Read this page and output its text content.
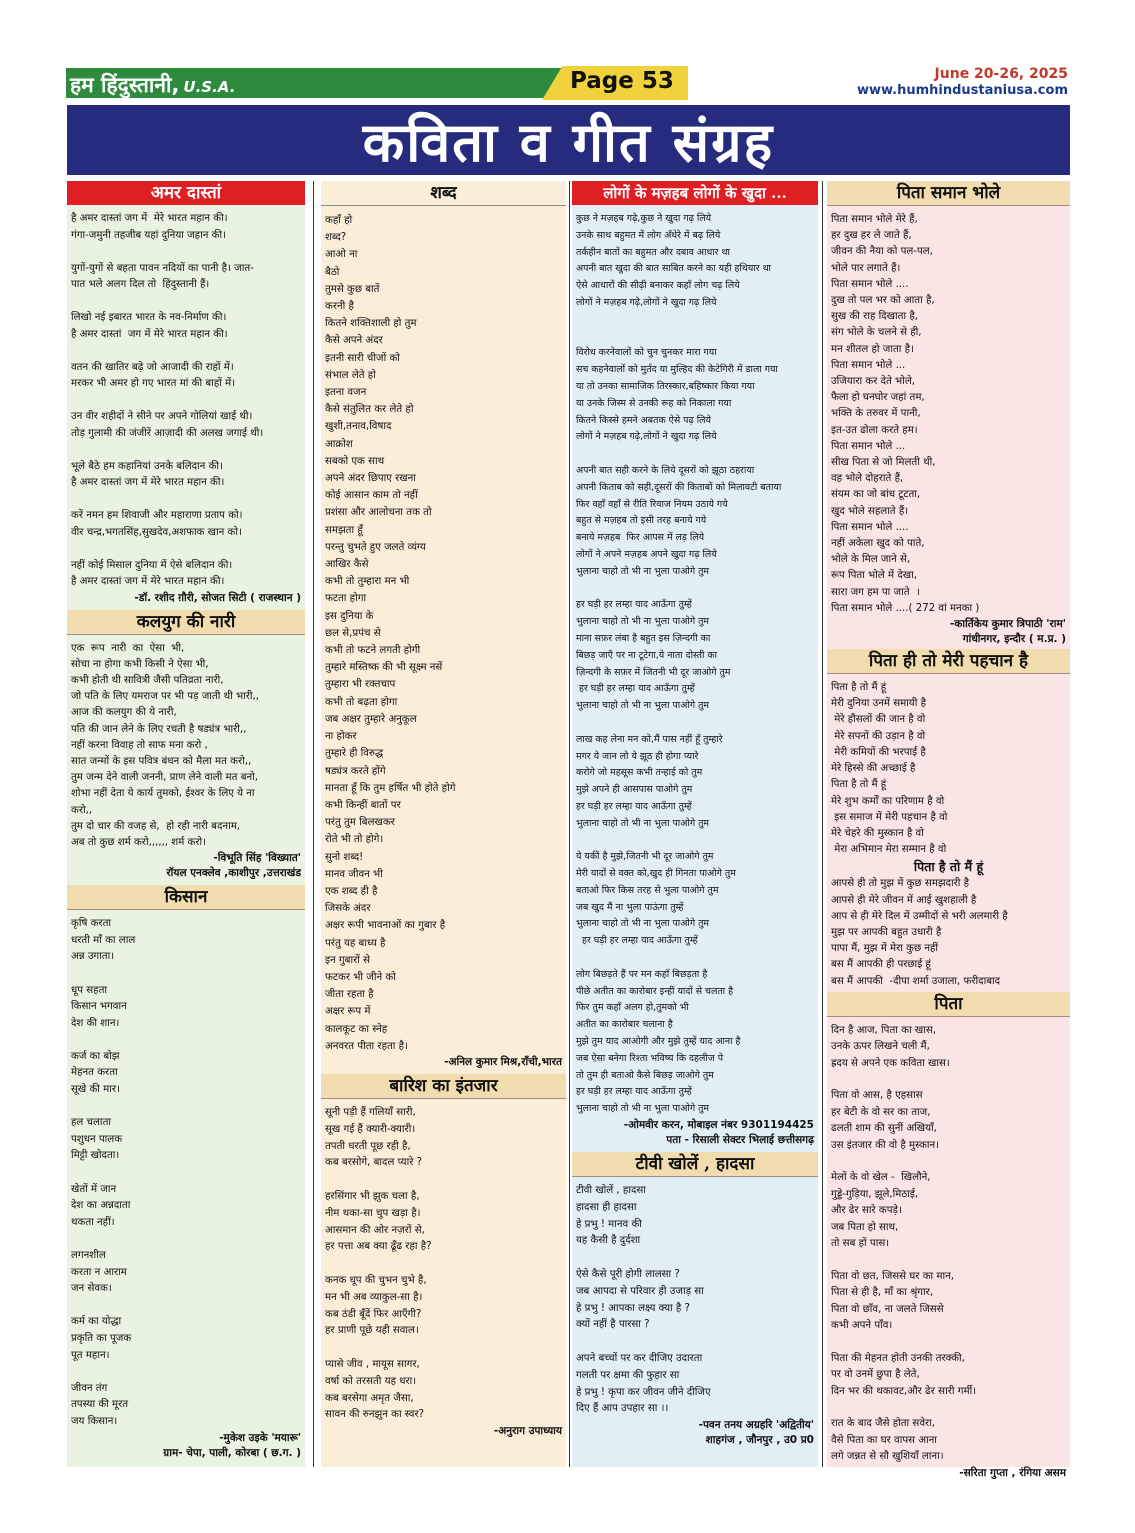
हम हिंदुस्तानी, U.S.A.	Page 53	June 20-26, 2025
www.humhindustaniusa.com
कविता व गीत संग्रह
अमर दास्तां
है अमर दास्तां जग में  मेरे भारत महान की।
गंगा-जमुनी तहजीब यहां दुनिया जहान की।

युगों-युगों से बहता पावन नदियों का पानी है। जात-
पात भले अलग दिल तो  हिंदुस्तानी हैं।

लिखो नई इबारत भारत के नव-निर्माण की।
है अमर दास्तां  जग में मेरे भारत महान की।

वतन की खातिर बढ़े जो आजादी की राहों में।
मरकर भी अमर हो गए भारत मां की बाहों में।

उन वीर शहीदों ने सीने पर अपने गोलियां खाई थी।
तोड़ गुलामी की जंजीरें आज़ादी की अलख जगाई थी।

भूले बैठे हम कहानियां उनके बलिदान की।
है अमर दास्तां जग में मेरे भारत महान की।

करें नमन हम शिवाजी और महाराणा प्रताप को।
वीर चन्द्र,भगतसिंह,सुखदेव,अशफाक खान को।

नहीं कोई मिसाल दुनिया में ऐसे बलिदान की।
है अमर दास्तां जग में मेरे भारत महान की।
-डॉ. रशीद ग़ौरी, सोजत सिटी ( राजस्थान )
कलयुग की नारी
एक  रूप  नारी  का  ऐसा  भी,
सोचा ना होगा कभी किसी ने ऐसा भी,
कभी होती थी सावित्री जैसी पतिव्रता नारी,
जो पति के लिए यमराज पर भी पड़ जाती थी भारी,,
आज की कलयुग की ये नारी,
पति की जान लेने के लिए रचती है षड्यंत्र भारी,,
नहीं करना विवाह तो साफ मना करो ,
सात जन्मों के इस पवित्र बंधन को मैला मत करो,,
तुम जन्म देने वाली जननी, प्राण लेने वाली मत बनो,
शोभा नहीं देता ये कार्य तुमको, ईश्वर के लिए ये ना
करो,,
तुम दो चार की वजह से,  हो रही नारी बदनाम,
अब तो कुछ शर्म करो,,,,,, शर्म करो।
-विभूति सिंह 'विख्यात'
रॉयल एनक्लेव ,काशीपुर ,उत्तराखंड
किसान
कृषि करता
धरती माँ का लाल
अन्न उगाता।

धूप सहता
किसान भगवान
देश की शान।

कर्ज का बोझ
मेहनत करता
सूखे की मार।

हल चलाता
पशुधन पालक
मिट्टी खोदता।

खेतों में जान
देश का अन्नदाता
थकता नहीं।

लगनशील
करता न आराम
जन सेवक।

कर्म का योद्धा
प्रकृति का पूजक
पूत महान।

जीवन तंग
तपस्या की मूरत
जय किसान।
-मुकेश उइके 'मयारू'
ग्राम- चेपा, पाली, कोरबा ( छ.ग. )
शब्द
कहाँ हो
शब्द?
आओ ना
बैठो
तुमसे कुछ बातें
करनी है
कितने शक्तिशाली हो तुम
कैसे अपने अंदर
इतनी सारी चीजों को
संभाल लेते हो
इतना वजन
कैसे संतुलित कर लेते हो
खुशी,तनाव,विषाद
आक्रोश
सबको एक साथ
अपने अंदर छिपाए रखना
कोई आसान काम तो नहीं
प्रशंसा और आलोचना तक तो
समझता हूँ
परन्तु चुभते हुए जलते व्यंग्य
आखिर कैसे
कभी तो तुम्हारा मन भी
फटता होगा
इस दुनिया के
छल से,प्रपंच से
कभी तो फटने लगती होगी
तुम्हारे मस्तिष्क की भी सूक्ष्म नसें
तुम्हारा भी रक्तचाप
कभी तो बढ़ता होगा
जब अक्षर तुम्हारे अनुकूल
ना होकर
तुम्हारे ही विरुद्ध
षड्यंत्र करते होंगे
मानता हूँ कि तुम हर्षित भी होते होगे
कभी किन्हीं बातों पर
परंतु तुम बिलखकर
रोते भी तो होगे।
सुनो शब्द!
मानव जीवन भी
एक शब्द ही है
जिसके अंदर
अक्षर रूपी भावनाओं का गुबार है
परंतु यह बाध्य है
इन गुबारों से
फटकर भी जीने को
जीता रहता है
अक्षर रूप में
कालकूट का स्नेह
अनवरत पीता रहता है।
-अनिल कुमार मिश्र,राँची,भारत
बारिश का इंतजार
सूनी पड़ी हैं गलियाँ सारी,
सूख गई हैं क्यारी-क्यारी।
तपती धरती पूछ रही है,
कब बरसोगे, बादल प्यारे ?

हरसिंगार भी झुक चला है,
नीम थका-सा चुप खड़ा है।
आसमान की ओर नज़रों से,
हर पत्ता अब क्या ढूँढ रहा है?

कनक धूप की चुभन चुभे है,
मन भी अब व्याकुल-सा है।
कब ठंडी बूँदें फिर आएँगी?
हर प्राणी पूछे यही सवाल।

प्यासे जीव , मायूस सागर,
वर्षा को तरसती यह धरा।
कब बरसेगा अमृत जैसा,
सावन की रुनझुन का स्वर?
-अनुराग उपाध्याय
लोगों के मज़हब लोगों के खुदा ...
कुछ ने मज़हब गढ़े,कुछ ने खुदा गढ़ लिये
उनके साथ बहुमत में लोग अँधेरे में बढ़ लिये
तर्कहीन बातों का बहुमत और दबाव आधार था
अपनी बात खुदा की बात साबित करने का यही हथियार था
ऐसे आधारों की सीढ़ी बनाकर कहाँ लोग चढ़ लिये
लोगों ने मज़हब गढ़े,लोगों ने खुदा गढ़ लिये

विरोध करनेवालों को चुन चुनकर मारा गया
सच कहनेवालों को मुर्तद या मुल्हिद की केटेगिरी में डाला गया
या तो उनका सामाजिक तिरस्कार,बहिष्कार किया गया
या उनके जिस्म से उनकी रूह को निकाला गया
कितने किस्से हमने अबतक ऐसे पढ़ लिये
लोगों ने मज़हब गढ़े,लोगों ने खुदा गढ़ लिये

अपनी बात सही करने के लिये दूसरों को झूठा ठहराया
अपनी किताब को सही,दूसरों की किताबों को मिलावटी बताया
फिर वहाँ वहाँ से रीति रिवाज नियम उठाये गये
बहुत से मज़हब तो इसी तरह बनाये गये
बनाये मज़हब  फिर आपस में लड़ लिये
लोगों ने अपने मज़हब अपने खुदा गढ़ लिये
भुलाना चाहो तो भी ना भुला पाओगे तुम

हर घड़ी हर लम्हा याद आऊँगा तुम्हें
भुलाना चाहो तो भी ना भुला पाओगे तुम
माना सफ़र लंबा है बहुत इस ज़िन्दगी का
बिछड़ जाएँ पर ना टूटेगा,ये नाता दोस्ती का
ज़िन्दगी के सफ़र में जितनी भी दूर जाओगे तुम
हर घड़ी हर लम्हा याद आऊँगा तुम्हें
भुलाना चाहो तो भी ना भुला पाओगे तुम

लाख कह लेना मन को,मैं पास नहीं हूँ तुम्हारे
मगर ये जान लो ये झूठ ही होगा प्यारे
करोगे जो महसूस कभी तन्हाई को तुम
मुझे अपने ही आसपास पाओगे तुम
हर घड़ी हर लम्हा याद आऊँगा तुम्हें
भुलाना चाहो तो भी ना भुला पाओगे तुम

ये यकीं है मुझे,जितनी भी दूर जाओगे तुम
मेरी यादों से वक्त को,खुद ही गिनता पाओगे तुम
बताओ फिर किस तरह से भुला पाओगे तुम
जब खुद मैं ना भुला पाऊंगा तुम्हें
भुलाना चाहो तो भी ना भुला पाओगे तुम
हर घड़ी हर लम्हा याद आऊँगा तुम्हें

लोग बिछड़ते हैं पर मन कहाँ बिछड़ता है
पीछे अतीत का कारोबार इन्हीं यादों से चलता है
फिर तुम कहाँ अलग हो,तुमको भी
अतीत का कारोबार चलाना है
मुझे तुम याद आओगी और मुझे तुम्हें याद आना है
जब ऐसा बनेगा रिश्ता भविष्य कि दहलीज पे
तो तुम ही बताओ कैसे बिछड़ जाओगे तुम
हर घड़ी हर लम्हा याद आऊँगा तुम्हें
भुलाना चाहो तो भी ना भुला पाओगे तुम
-ओमवीर करन, मोबाइल नंबर 9301194425
पता - रिसाली सेक्टर भिलाई छत्तीसगढ़
टीवी खोलें , हादसा
टीवी खोलें , हादसा
हादसा ही हादसा
हे प्रभु ! मानव की
यह कैसी है दुर्दशा

ऐसे कैसे पूरी होगी लालसा ?
जब आपदा से परिवार ही उजाड़ सा
हे प्रभु ! आपका लक्ष्य क्या है ?
क्यों नहीं है पारसा ?

अपने बच्चों पर कर दीजिए उदारता
गलती पर क्षमा की फुहार सा
हे प्रभु ! कृपा कर जीवन जीने दीजिए
दिए हैं आप उपहार सा ।।
-पवन तनय अग्रहरि 'अद्वितीय'
शाहगंज , जौनपुर , उ0 प्र0
पिता समान भोले
पिता समान भोले मेरे हैं,
हर दुख हर ले जाते हैं,
जीवन की नैया को पल-पल,
भोले पार लगाते हैं।
पिता समान भोले ....
दुख तो पल भर को आता है,
सुख की राह दिखाता है,
संग भोले के चलने से ही,
मन शीतल हो जाता है।
पिता समान भोले ...
उजियारा कर देते भोले,
फैला हो घनघोर जहां तम,
भक्ति के तरुवर में पानी,
इत-उत ढोला करते हम।
पिता समान भोले ...
सीख पिता से जो मिलती थी,
वह भोले दोहराते हैं,
संयम का जो बांध टूटता,
खुद भोले सहलाते हैं।
पिता समान भोले ....
नहीं अकेला खुद को पाते,
भोले के मिल जाने से,
रूप पिता भोले में देखा,
सारा जग हम पा जाते  ।
पिता समान भोले ....( 272 वां मनका )
-कार्तिकेय कुमार त्रिपाठी 'राम'
गांधीनगर, इन्दौर ( म.प्र. )
पिता ही तो मेरी पहचान है
पिता है तो मैं हूं
मेरी दुनिया उनमें समायी है
मेरे हौसलों की जान है वो
मेरे सपनों की उड़ान है वो
मेरी कमियों की भरपाई है
मेरे हिस्से की अच्छाई है
पिता है तो मैं हूं
मेरे शुभ कर्मों का परिणाम है वो
इस समाज में मेरी पहचान है वो
मेरे चेहरे की मुस्कान है वो
मेरा अभिमान मेरा सम्मान है वो
पिता है तो मैं हूं
आपसे ही तो मुझ में कुछ समझदारी है
आपसे ही मेरे जीवन में आई खुशहाली है
आप से ही मेरे दिल में उम्मीदों से भरी अलमारी है
मुझ पर आपकी बहुत उधारी है
पापा मैं, मुझ में मेरा कुछ नहीं
बस मैं आपकी ही परछाई हूं
बस मैं आपकी  -दीपा शर्मा उजाला, फरीदाबाद
पिता
दिन है आज, पिता का खास,
उनके ऊपर लिखने चली मैं,
ह्रदय से अपने एक कविता खास।

पिता वो आस, है एहसास
हर बेटी के वो सर का ताज,
ढलती शाम की सुनीं अखियाँ,
उस इंतजार की वो है मुस्कान।

मेलों के वो खेल -  खिलौने,
गुड्डे-गुड़िया, झूले,मिठाई,
और ढेर सारे कपड़े।
जब पिता हो साथ,
तो सब हों पास।

पिता वो छत, जिससे घर का मान,
पिता से ही है, माँ का श्रृंगार,
पिता वो छाँव, ना जलते जिससे
कभी अपने पाँव।

पिता की मेहनत होती उनकी तरक्की,
पर वो उनमें छुपा है लेते,
दिन भर की थकावट,और ढेर सारी गर्मी।

रात के बाद जैसे होता सवेरा,
वैसे पिता का घर वापस आना
लगे जन्नत से सौ खुशियाँ लाना।
-सरिता गुप्ता , रंगिया असम
